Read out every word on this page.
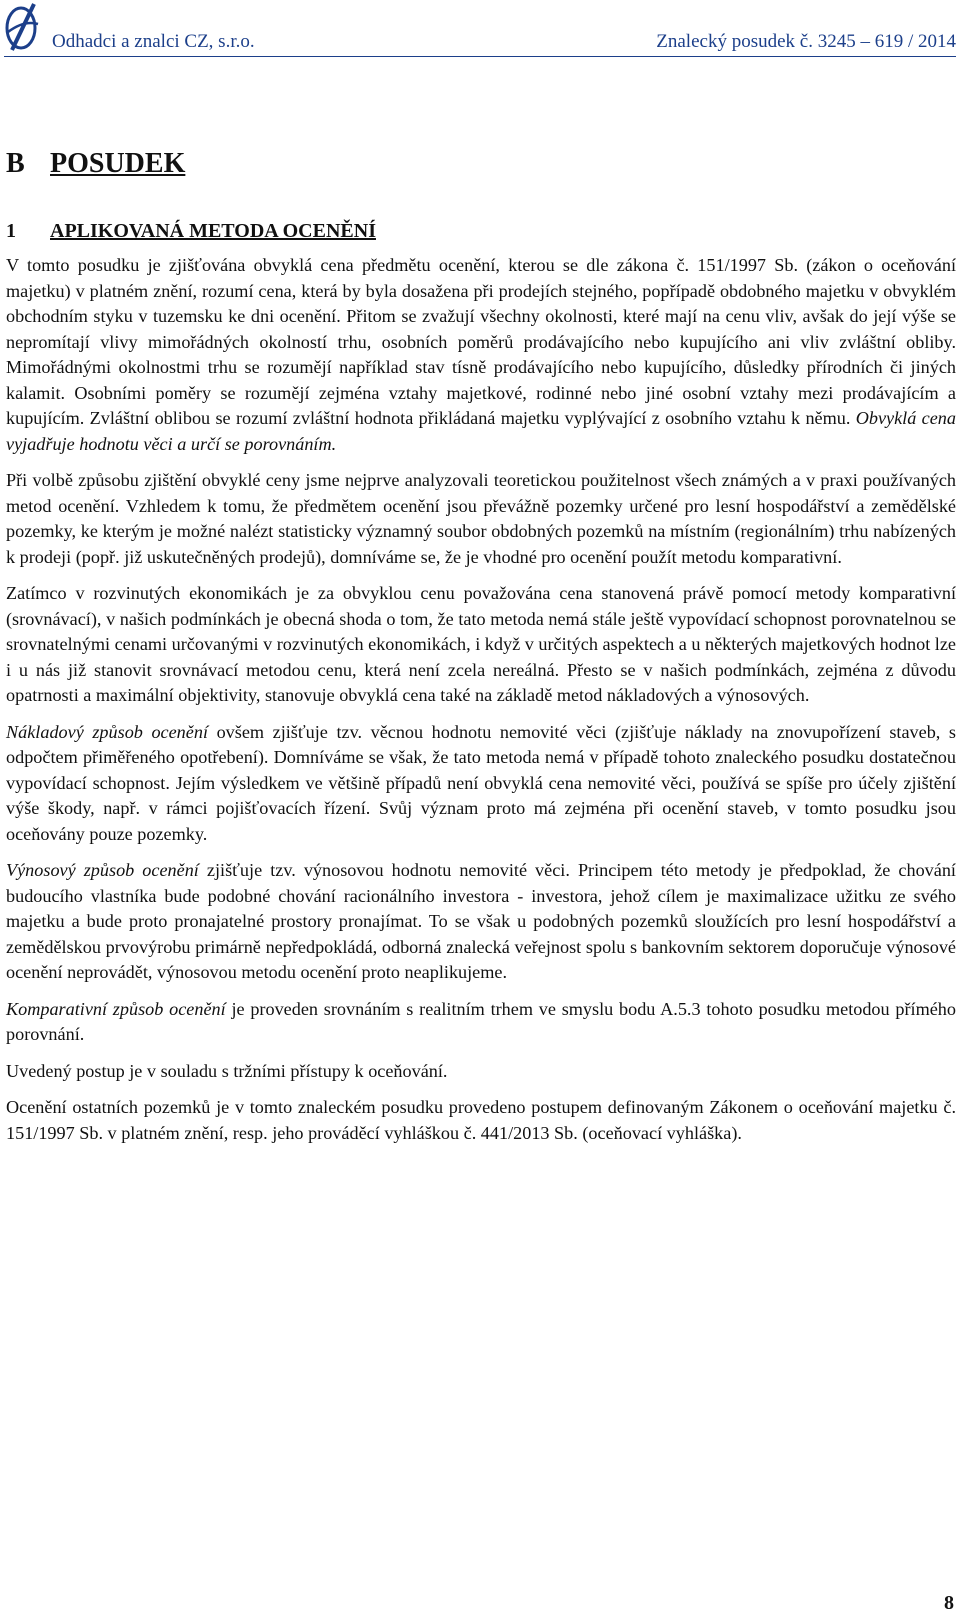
Odhadci a znalci CZ, s.r.o.	Znalecký posudek č. 3245 – 619 / 2014
B POSUDEK
1 APLIKOVANÁ METODA OCENĚNÍ

V tomto posudku je zjišťována obvyklá cena předmětu ocenění, kterou se dle zákona č. 151/1997 Sb. (zákon o oceňování majetku) v platném znění, rozumí cena, která by byla dosažena při prodejích stejného, popřípadě obdobného majetku v obvyklém obchodním styku v tuzemsku ke dni ocenění. Přitom se zvažují všechny okolnosti, které mají na cenu vliv, avšak do její výše se nepromítají vlivy mimořádných okolností trhu, osobních poměrů prodávajícího nebo kupujícího ani vliv zvláštní obliby. Mimořádnými okolnostmi trhu se rozumějí například stav tísně prodávajícího nebo kupujícího, důsledky přírodních či jiných kalamit. Osobními poměry se rozumějí zejména vztahy majetkové, rodinné nebo jiné osobní vztahy mezi prodávajícím a kupujícím. Zvláštní oblibou se rozumí zvláštní hodnota přikládaná majetku vyplývající z osobního vztahu k němu. Obvyklá cena vyjadřuje hodnotu věci a určí se porovnáním.

Při volbě způsobu zjištění obvyklé ceny jsme nejprve analyzovali teoretickou použitelnost všech známých a v praxi používaných metod ocenění. Vzhledem k tomu, že předmětem ocenění jsou převážně pozemky určené pro lesní hospodářství a zemědělské pozemky, ke kterým je možné nalézt statisticky významný soubor obdobných pozemků na místním (regionálním) trhu nabízených k prodeji (popř. již uskutečněných prodejů), domníváme se, že je vhodné pro ocenění použít metodu komparativní.

Zatímco v rozvinutých ekonomikách je za obvyklou cenu považována cena stanovená právě pomocí metody komparativní (srovnávací), v našich podmínkách je obecná shoda o tom, že tato metoda nemá stále ještě vypovídací schopnost porovnatelnou se srovnatelnými cenami určovanými v rozvinutých ekonomikách, i když v určitých aspektech a u některých majetkových hodnot lze i u nás již stanovit srovnávací metodou cenu, která není zcela nereálná. Přesto se v našich podmínkách, zejména z důvodu opatrnosti a maximální objektivity, stanovuje obvyklá cena také na základě metod nákladových a výnosových.

Nákladový způsob ocenění ovšem zjišťuje tzv. věcnou hodnotu nemovité věci (zjišťuje náklady na znovupořízení staveb, s odpočtem přiměřeného opotřebení). Domníváme se však, že tato metoda nemá v případě tohoto znaleckého posudku dostatečnou vypovídací schopnost. Jejím výsledkem ve většině případů není obvyklá cena nemovité věci, používá se spíše pro účely zjištění výše škody, např. v rámci pojišťovacích řízení. Svůj význam proto má zejména při ocenění staveb, v tomto posudku jsou oceňovány pouze pozemky.

Výnosový způsob ocenění zjišťuje tzv. výnosovou hodnotu nemovité věci. Principem této metody je předpoklad, že chování budoucího vlastníka bude podobné chování racionálního investora - investora, jehož cílem je maximalizace užitku ze svého majetku a bude proto pronajatelné prostory pronajímat. To se však u podobných pozemků sloužících pro lesní hospodářství a zemědělskou prvovýrobu primárně nepředpokládá, odborná znalecká veřejnost spolu s bankovním sektorem doporučuje výnosové ocenění neprovádět, výnosovou metodu ocenění proto neaplikujeme.

Komparativní způsob ocenění je proveden srovnáním s realitním trhem ve smyslu bodu A.5.3 tohoto posudku metodou přímého porovnání.

Uvedený postup je v souladu s tržními přístupy k oceňování.

Ocenění ostatních pozemků je v tomto znaleckém posudku provedeno postupem definovaným Zákonem o oceňování majetku č. 151/1997 Sb. v platném znění, resp. jeho prováděcí vyhláškou č. 441/2013 Sb. (oceňovací vyhláška).

8
